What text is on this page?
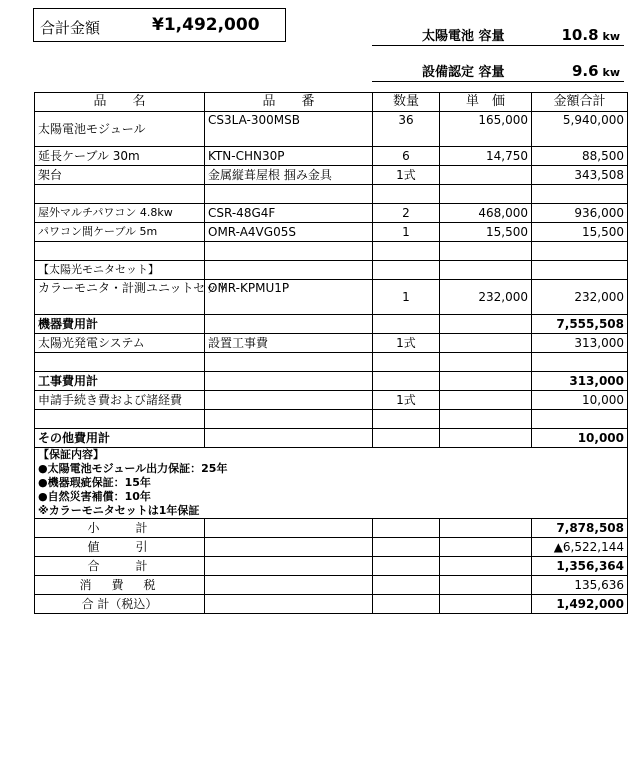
合計金額	¥1,492,000
太陽電池 容量	10.8 kw
設備認定 容量	9.6 kw
品　　名	品　　番	数量	単　価	金額合計
太陽電池モジュール	CS3LA-300MSB	36	165,000	5,940,000
延長ケーブル 30m	KTN-CHN30P	6	14,750	88,500
架台	金属縦葺屋根 掴み金具	1式		343,508

屋外マルチパワコン 4.8kw	CSR-48G4F	2	468,000	936,000
パワコン間ケーブル 5m	OMR-A4VG05S	1	15,500	15,500

【太陽光モニタセット】				
カラーモニタ・計測ユニットセット	OMR-KPMU1P	1	232,000	232,000
機器費用計				7,555,508
太陽光発電システム	設置工事費	1式		313,000

工事費用計				313,000
申請手続き費および諸経費		1式		10,000

その他費用計				10,000

【保証内容】
●太陽電池モジュール出力保証：25年
●機器瑕疵保証：15年
●自然災害補償：10年
※カラーモニタセットは1年保証				

小　　計				7,878,508
値　　引				▲6,522,144
合　　計				1,356,364
消　費　税				135,636
合 計（税込）				1,492,000
